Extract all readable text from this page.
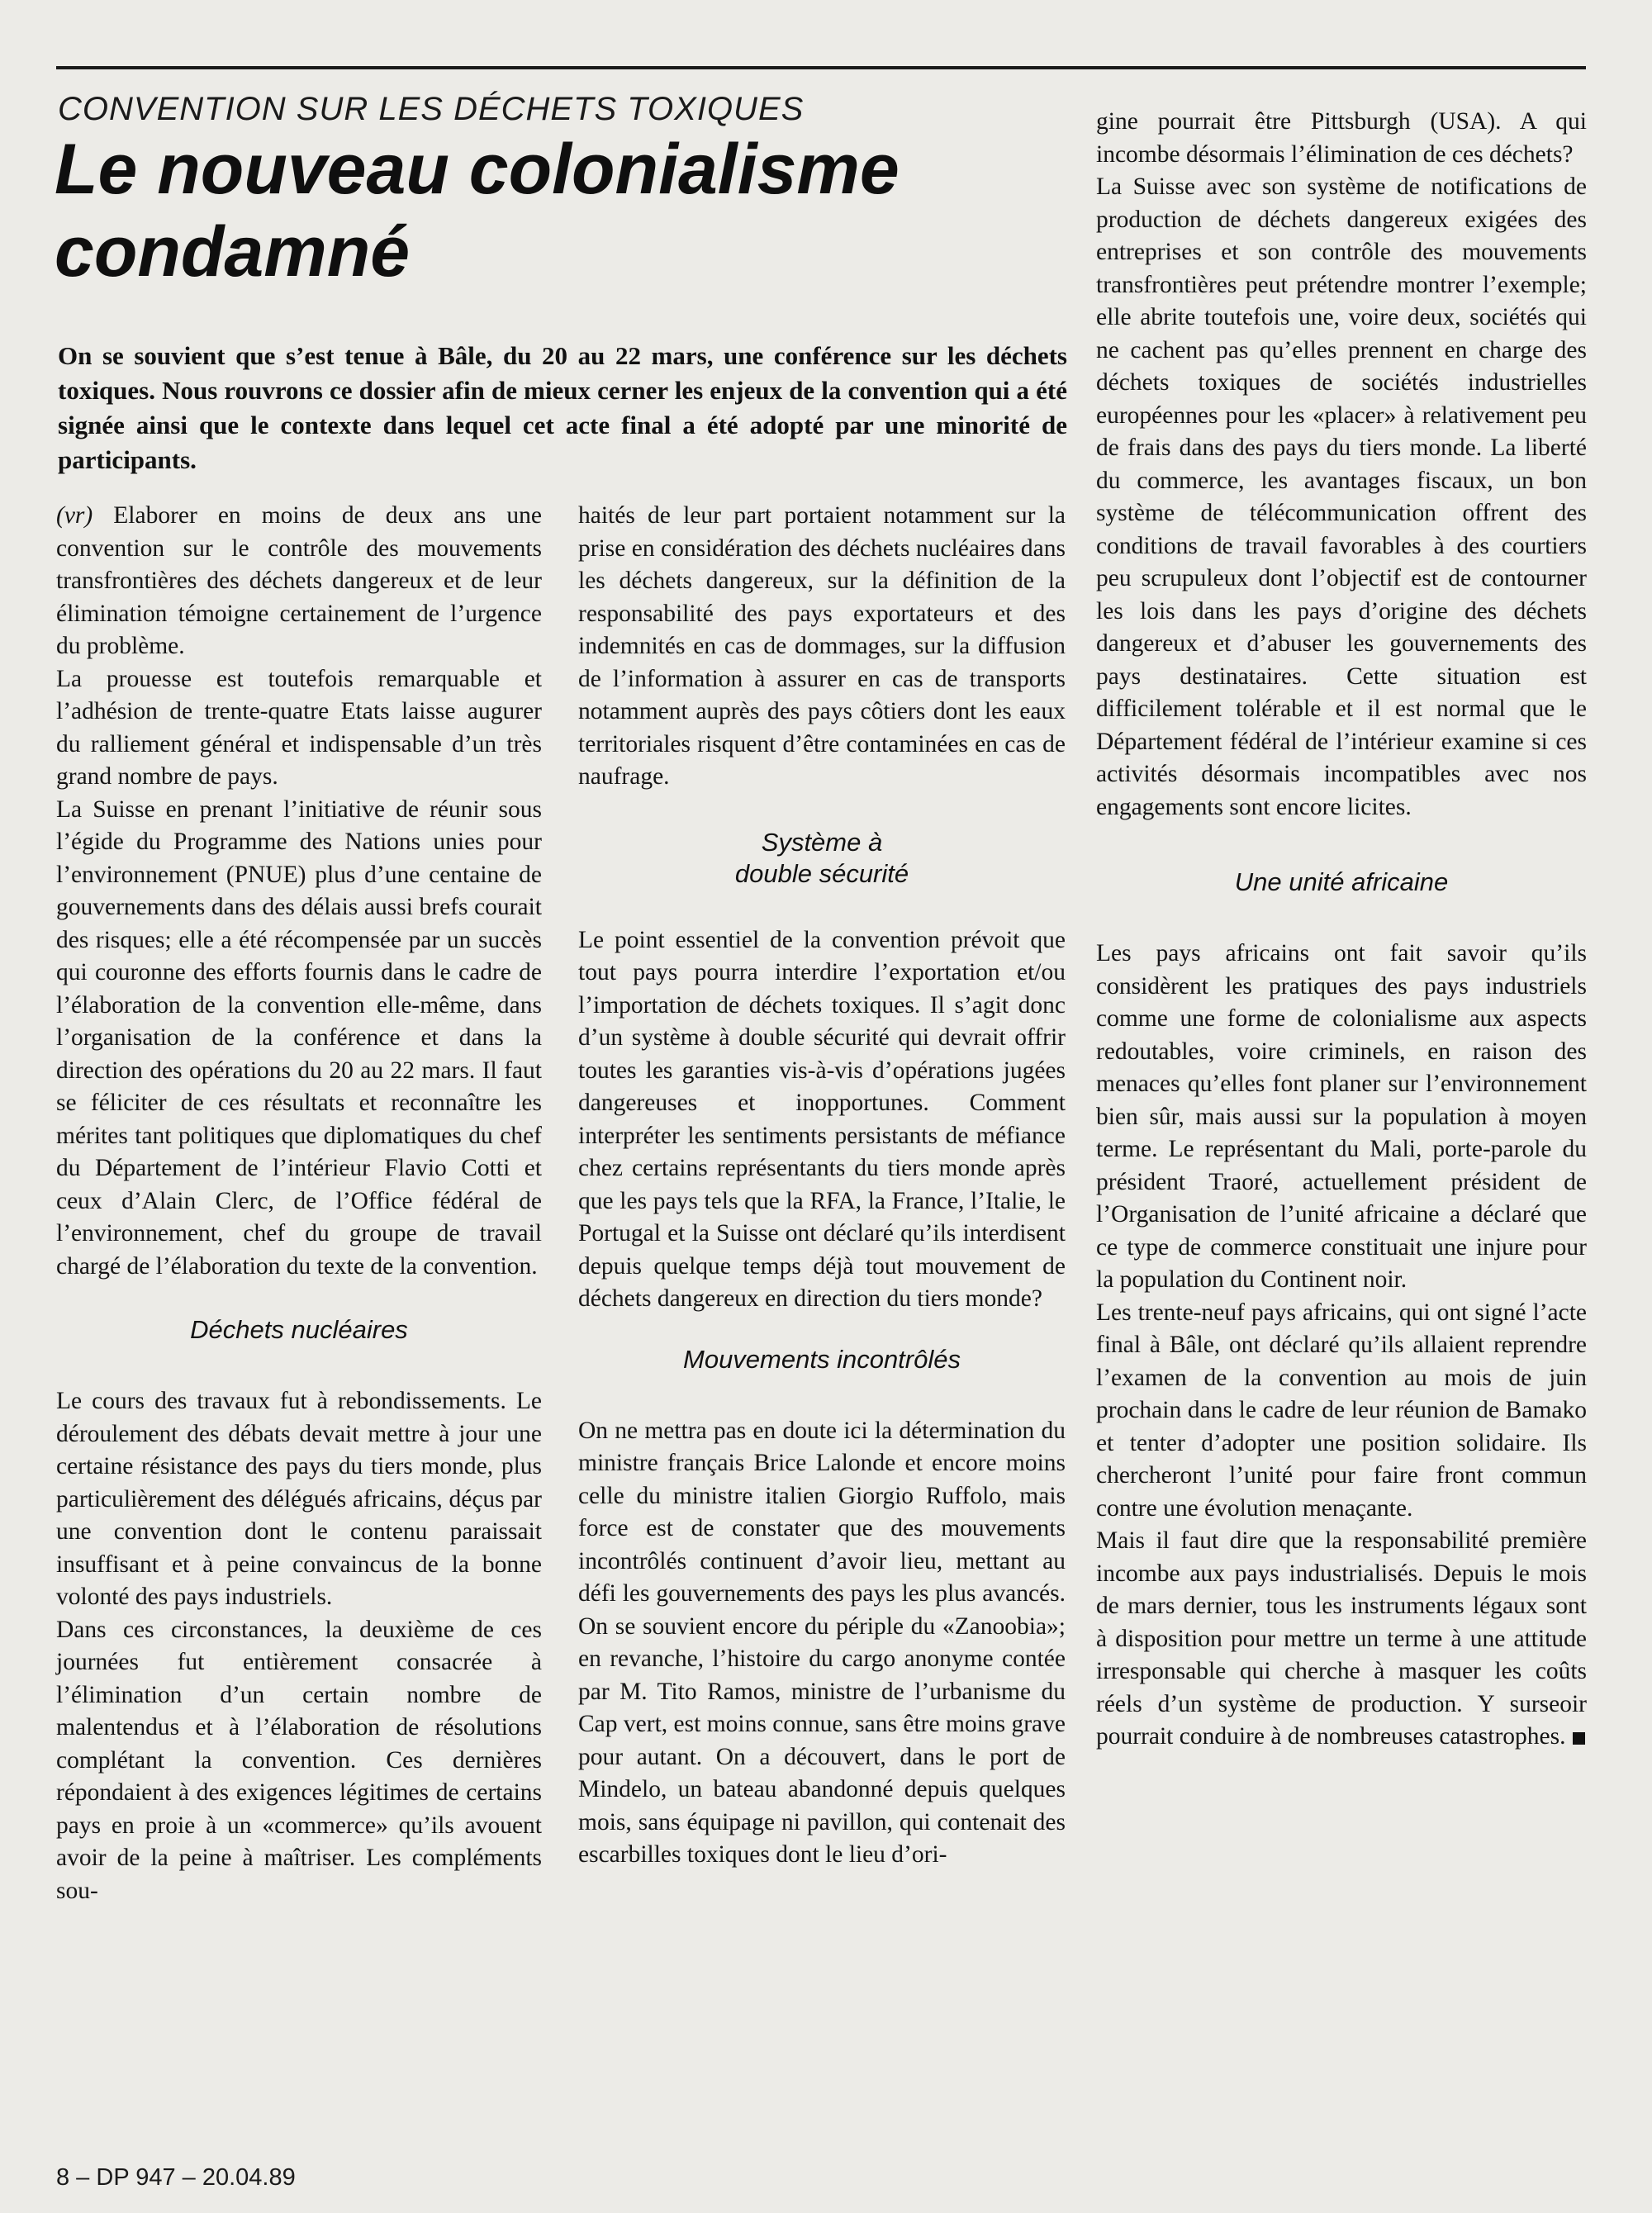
CONVENTION SUR LES DÉCHETS TOXIQUES
Le nouveau colonialisme condamné
On se souvient que s’est tenue à Bâle, du 20 au 22 mars, une conférence sur les déchets toxiques. Nous rouvrons ce dossier afin de mieux cerner les enjeux de la convention qui a été signée ainsi que le contexte dans lequel cet acte final a été adopté par une minorité de participants.

(vr) Elaborer en moins de deux ans une convention sur le contrôle des mouvements transfrontières des déchets dangereux et de leur élimination témoigne certainement de l’urgence du problème.

La prouesse est toutefois remarquable et l’adhésion de trente-quatre Etats laisse augurer du ralliement général et indispensable d’un très grand nombre de pays.

La Suisse en prenant l’initiative de réunir sous l’égide du Programme des Nations unies pour l’environnement (PNUE) plus d’une centaine de gouvernements dans des délais aussi brefs courait des risques; elle a été récompensée par un succès qui couronne des efforts fournis dans le cadre de l’élaboration de la convention elle-même, dans l’organisation de la conférence et dans la direction des opérations du 20 au 22 mars. Il faut se féliciter de ces résultats et reconnaître les mérites tant politiques que diplomatiques du chef du Département de l’intérieur Flavio Cotti et ceux d’Alain Clerc, de l’Office fédéral de l’environnement, chef du groupe de travail chargé de l’élaboration du texte de la convention.

Déchets nucléaires

Le cours des travaux fut à rebondissements. Le déroulement des débats devait mettre à jour une certaine résistance des pays du tiers monde, plus particulièrement des délégués africains, déçus par une convention dont le contenu paraissait insuffisant et à peine convaincus de la bonne volonté des pays industriels.

Dans ces circonstances, la deuxième de ces journées fut entièrement consacrée à l’élimination d’un certain nombre de malentendus et à l’élaboration de résolutions complétant la convention. Ces dernières répondaient à des exigences légitimes de certains pays en proie à un «commerce» qu’ils avouent avoir de la peine à maîtriser. Les compléments sou-

haités de leur part portaient notamment sur la prise en considération des déchets nucléaires dans les déchets dangereux, sur la définition de la responsabilité des pays exportateurs et des indemnités en cas de dommages, sur la diffusion de l’information à assurer en cas de transports notamment auprès des pays côtiers dont les eaux territoriales risquent d’être contaminées en cas de naufrage.

Système à
double sécurité

Le point essentiel de la convention prévoit que tout pays pourra interdire l’exportation et/ou l’importation de déchets toxiques. Il s’agit donc d’un système à double sécurité qui devrait offrir toutes les garanties vis-à-vis d’opérations jugées dangereuses et inopportunes. Comment interpréter les sentiments persistants de méfiance chez certains représentants du tiers monde après que les pays tels que la RFA, la France, l’Italie, le Portugal et la Suisse ont déclaré qu’ils interdisent depuis quelque temps déjà tout mouvement de déchets dangereux en direction du tiers monde?

Mouvements incontrôlés

On ne mettra pas en doute ici la détermination du ministre français Brice Lalonde et encore moins celle du ministre italien Giorgio Ruffolo, mais force est de constater que des mouvements incontrôlés continuent d’avoir lieu, mettant au défi les gouvernements des pays les plus avancés. On se souvient encore du périple du «Zanoobia»; en revanche, l’histoire du cargo anonyme contée par M. Tito Ramos, ministre de l’urbanisme du Cap vert, est moins connue, sans être moins grave pour autant. On a découvert, dans le port de Mindelo, un bateau abandonné depuis quelques mois, sans équipage ni pavillon, qui contenait des escarbilles toxiques dont le lieu d’ori-

gine pourrait être Pittsburgh (USA). A qui incombe désormais l’élimination de ces déchets?

La Suisse avec son système de notifications de production de déchets dangereux exigées des entreprises et son contrôle des mouvements transfrontières peut prétendre montrer l’exemple; elle abrite toutefois une, voire deux, sociétés qui ne cachent pas qu’elles prennent en charge des déchets toxiques de sociétés industrielles européennes pour les «placer» à relativement peu de frais dans des pays du tiers monde. La liberté du commerce, les avantages fiscaux, un bon système de télécommunication offrent des conditions de travail favorables à des courtiers peu scrupuleux dont l’objectif est de contourner les lois dans les pays d’origine des déchets dangereux et d’abuser les gouvernements des pays destinataires. Cette situation est difficilement tolérable et il est normal que le Département fédéral de l’intérieur examine si ces activités désormais incompatibles avec nos engagements sont encore licites.

Une unité africaine

Les pays africains ont fait savoir qu’ils considèrent les pratiques des pays industriels comme une forme de colonialisme aux aspects redoutables, voire criminels, en raison des menaces qu’elles font planer sur l’environnement bien sûr, mais aussi sur la population à moyen terme. Le représentant du Mali, porte-parole du président Traoré, actuellement président de l’Organisation de l’unité africaine a déclaré que ce type de commerce constituait une injure pour la population du Continent noir.

Les trente-neuf pays africains, qui ont signé l’acte final à Bâle, ont déclaré qu’ils allaient reprendre l’examen de la convention au mois de juin prochain dans le cadre de leur réunion de Bamako et tenter d’adopter une position solidaire. Ils chercheront l’unité pour faire front commun contre une évolution menaçante.

Mais il faut dire que la responsabilité première incombe aux pays industrialisés. Depuis le mois de mars dernier, tous les instruments légaux sont à disposition pour mettre un terme à une attitude irresponsable qui cherche à masquer les coûts réels d’un système de production. Y surseoir pourrait conduire à de nombreuses catastrophes.

8 – DP 947 – 20.04.89
